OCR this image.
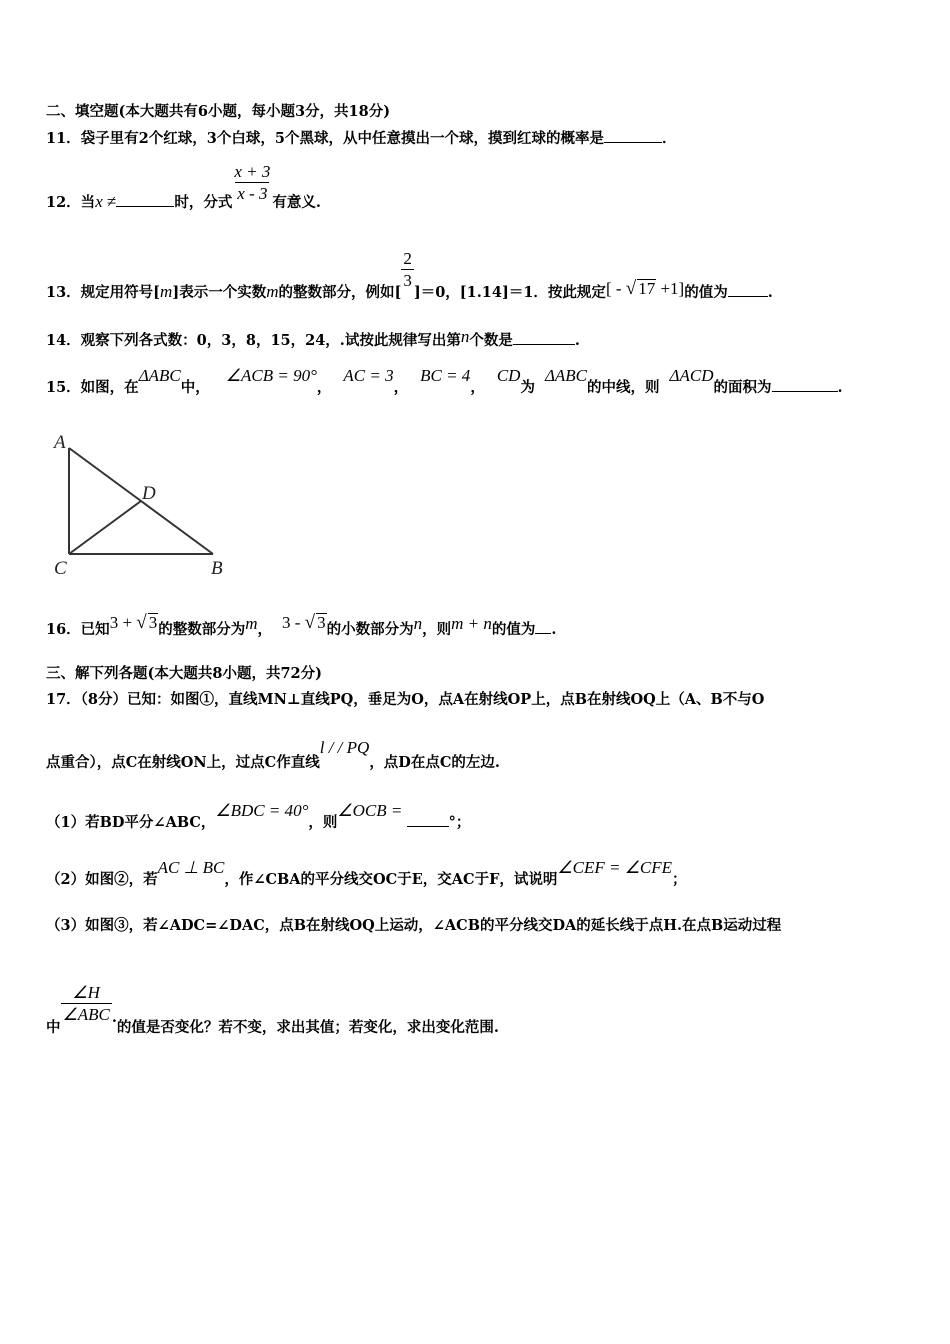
二、填空题(本大题共有6小题，每小题3分，共18分)
11．袋子里有2个红球，3个白球，5个黑球，从中任意摸出一个球，摸到红球的概率是	．
12．当x ≠	时，分式 $\frac{x + 3}{x - 3}$ 有意义.
13．规定用符号[m]表示一个实数m的整数部分，例如[
$\frac{2}{3}$
]＝0，[1.14]＝1．按此规定[ - √ 17 +1]的值为	.
14．观察下列各式数：0，3，8，15，24，.试按此规律写出第n个数是	.
15．如图，在ΔABC中，∠ACB = 90°，AC = 3，BC = 4，CD为ΔABC的中线，则ΔACD的面积为	.
A
D
C	B
16．已知3 + √ 3的整数部分为m， 3 - √ 3的小数部分为n，则m + n的值为 .
三、解下列各题(本大题共8小题，共72分)
17．（8分）已知：如图①，直线MN⊥直线PQ，垂足为O，点A在射线OP上，点B在射线OQ上（A、B不与O
点重合），点C在射线ON上，过点C作直线l / / PQ，点D在点C的左边.
（1）若BD平分∠ABC，∠BDC = 40°，则∠OCB = °；
（2）如图②，若AC ⊥ BC，作∠CBA的平分线交OC于E，交AC于F，试说明∠CEF = ∠CFE；
（3）如图③，若∠ADC=∠DAC，点B在射线OQ上运动，∠ACB的平分线交DA的延长线于点H.在点B运动过程
中
$\frac{\angle H}{\text{∠ABC}}$ .的值是否变化？若不变，求出其值；若变化，求出变化范围.
